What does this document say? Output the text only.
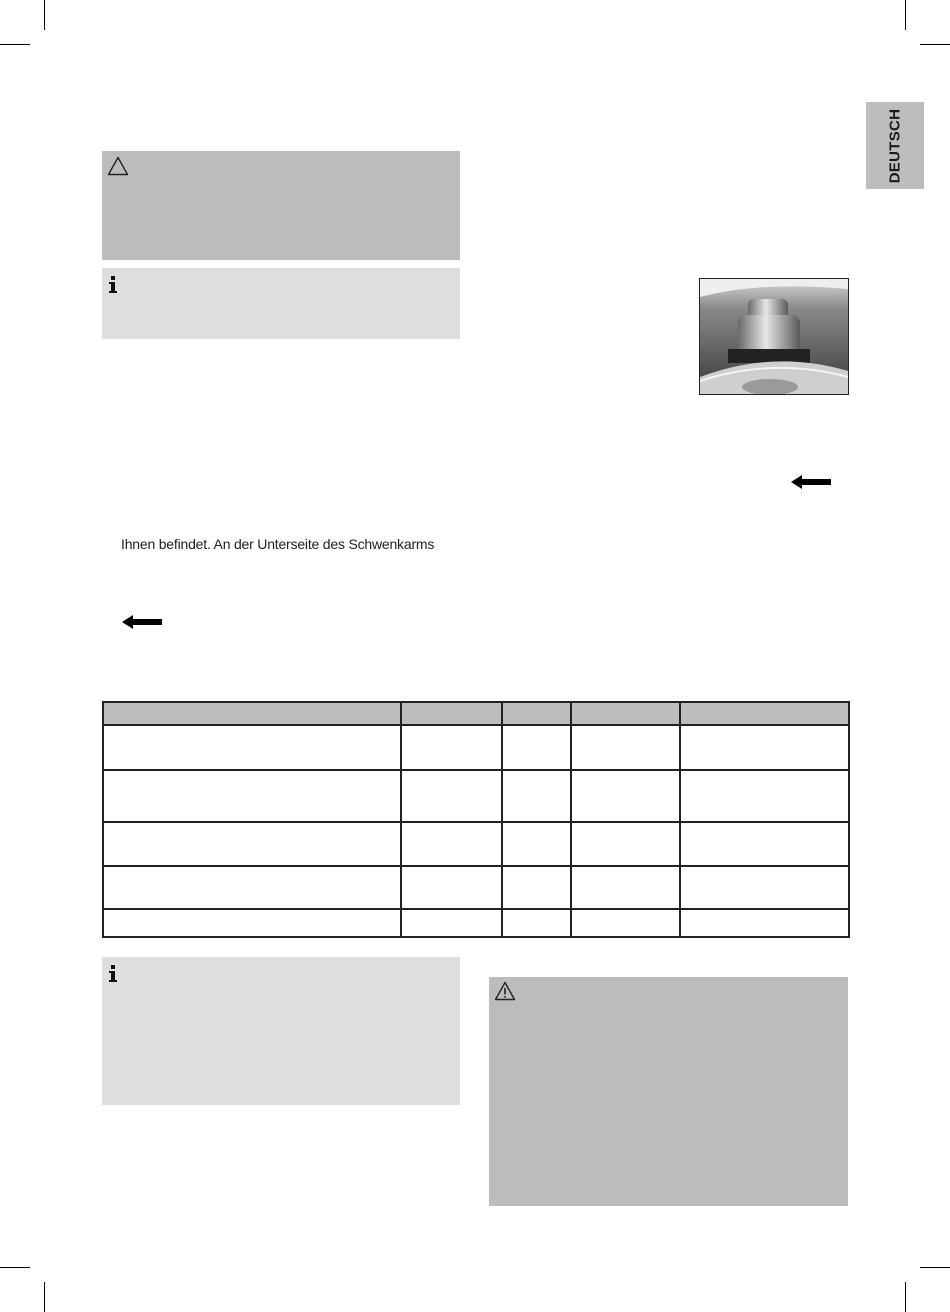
DEUTSCH
Ihnen befindet. An der Unterseite des Schwenkarms
